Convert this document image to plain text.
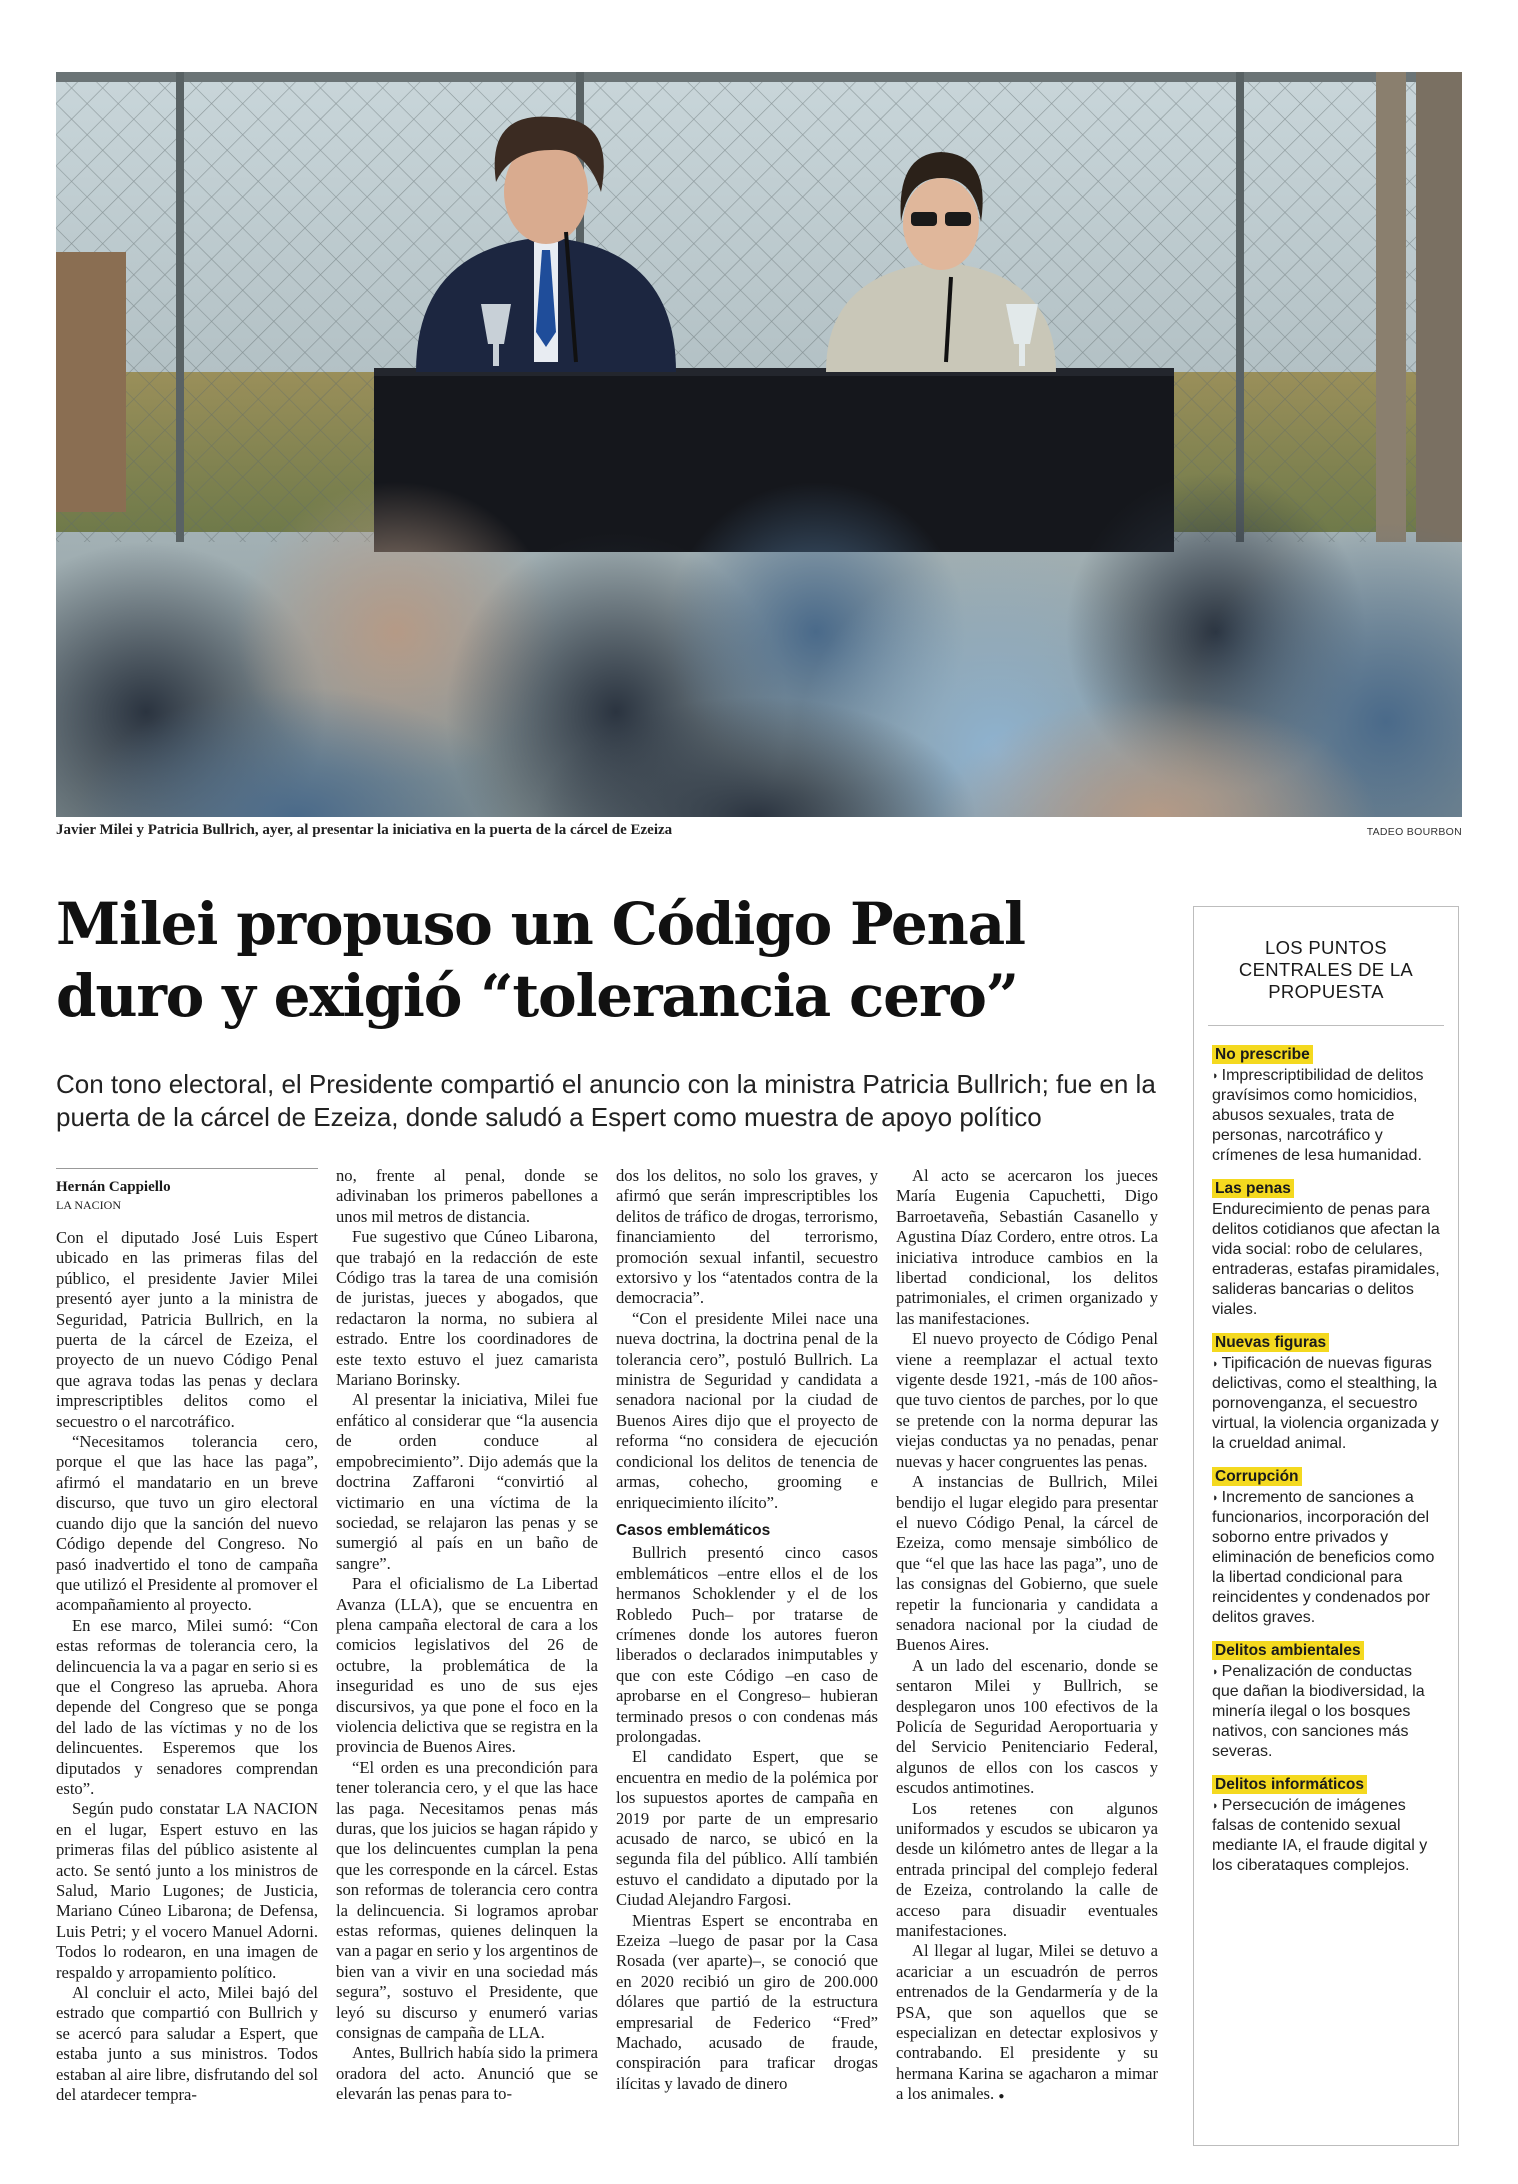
Javier Milei y Patricia Bullrich, ayer, al presentar la iniciativa en la puerta de la cárcel de Ezeiza	TADEO BOURBON
Milei propuso un Código Penal
duro y exigió “tolerancia cero”

Con tono electoral, el Presidente compartió el anuncio con la ministra Patricia Bullrich; fue en la puerta de la cárcel de Ezeiza, donde saludó a Espert como muestra de apoyo político

Hernán Cappiello
LA NACION

Con el diputado José Luis Espert ubicado en las primeras filas del público, el presidente Javier Milei presentó ayer junto a la ministra de Seguridad, Patricia Bullrich, en la puerta de la cárcel de Ezeiza, el proyecto de un nuevo Código Penal que agrava todas las penas y declara imprescriptibles delitos como el secuestro o el narcotráfico.

“Necesitamos tolerancia cero, porque el que las hace las paga”, afirmó el mandatario en un breve discurso, que tuvo un giro electoral cuando dijo que la sanción del nuevo Código depende del Congreso. No pasó inadvertido el tono de campaña que utilizó el Presidente al promover el acompañamiento al proyecto.

En ese marco, Milei sumó: “Con estas reformas de tolerancia cero, la delincuencia la va a pagar en serio si es que el Congreso las aprueba. Ahora depende del Congreso que se ponga del lado de las víctimas y no de los delincuentes. Esperemos que los diputados y senadores comprendan esto”.

Según pudo constatar LA NACION en el lugar, Espert estuvo en las primeras filas del público asistente al acto. Se sentó junto a los ministros de Salud, Mario Lugones; de Justicia, Mariano Cúneo Libarona; de Defensa, Luis Petri; y el vocero Manuel Adorni. Todos lo rodearon, en una imagen de respaldo y arropamiento político.

Al concluir el acto, Milei bajó del estrado que compartió con Bullrich y se acercó para saludar a Espert, que estaba junto a sus ministros. Todos estaban al aire libre, disfrutando del sol del atardecer tempra-

no, frente al penal, donde se adivinaban los primeros pabellones a unos mil metros de distancia.

Fue sugestivo que Cúneo Libarona, que trabajó en la redacción de este Código tras la tarea de una comisión de juristas, jueces y abogados, que redactaron la norma, no subiera al estrado. Entre los coordinadores de este texto estuvo el juez camarista Mariano Borinsky.

Al presentar la iniciativa, Milei fue enfático al considerar que “la ausencia de orden conduce al empobrecimiento”. Dijo además que la doctrina Zaffaroni “convirtió al victimario en una víctima de la sociedad, se relajaron las penas y se sumergió al país en un baño de sangre”.

Para el oficialismo de La Libertad Avanza (LLA), que se encuentra en plena campaña electoral de cara a los comicios legislativos del 26 de octubre, la problemática de la inseguridad es uno de sus ejes discursivos, ya que pone el foco en la violencia delictiva que se registra en la provincia de Buenos Aires.

“El orden es una precondición para tener tolerancia cero, y el que las hace las paga. Necesitamos penas más duras, que los juicios se hagan rápido y que los delincuentes cumplan la pena que les corresponde en la cárcel. Estas son reformas de tolerancia cero contra la delincuencia. Si logramos aprobar estas reformas, quienes delinquen la van a pagar en serio y los argentinos de bien van a vivir en una sociedad más segura”, sostuvo el Presidente, que leyó su discurso y enumeró varias consignas de campaña de LLA.

Antes, Bullrich había sido la primera oradora del acto. Anunció que se elevarán las penas para to-

dos los delitos, no solo los graves, y afirmó que serán imprescriptibles los delitos de tráfico de drogas, terrorismo, financiamiento del terrorismo, promoción sexual infantil, secuestro extorsivo y los “atentados contra de la democracia”.

“Con el presidente Milei nace una nueva doctrina, la doctrina penal de la tolerancia cero”, postuló Bullrich. La ministra de Seguridad y candidata a senadora nacional por la ciudad de Buenos Aires dijo que el proyecto de reforma “no considera de ejecución condicional los delitos de tenencia de armas, cohecho, grooming e enriquecimiento ilícito”.

Casos emblemáticos

Bullrich presentó cinco casos emblemáticos –entre ellos el de los hermanos Schoklender y el de los Robledo Puch– por tratarse de crímenes donde los autores fueron liberados o declarados inimputables y que con este Código –en caso de aprobarse en el Congreso– hubieran terminado presos o con condenas más prolongadas.

El candidato Espert, que se encuentra en medio de la polémica por los supuestos aportes de campaña en 2019 por parte de un empresario acusado de narco, se ubicó en la segunda fila del público. Allí también estuvo el candidato a diputado por la Ciudad Alejandro Fargosi.

Mientras Espert se encontraba en Ezeiza –luego de pasar por la Casa Rosada (ver aparte)–, se conoció que en 2020 recibió un giro de 200.000 dólares que partió de la estructura empresarial de Federico “Fred” Machado, acusado de fraude, conspiración para traficar drogas ilícitas y lavado de dinero

Al acto se acercaron los jueces María Eugenia Capuchetti, Digo Barroetaveña, Sebastián Casanello y Agustina Díaz Cordero, entre otros. La iniciativa introduce cambios en la libertad condicional, los delitos patrimoniales, el crimen organizado y las manifestaciones.

El nuevo proyecto de Código Penal viene a reemplazar el actual texto vigente desde 1921, -más de 100 años- que tuvo cientos de parches, por lo que se pretende con la norma depurar las viejas conductas ya no penadas, penar nuevas y hacer congruentes las penas.

A instancias de Bullrich, Milei bendijo el lugar elegido para presentar el nuevo Código Penal, la cárcel de Ezeiza, como mensaje simbólico de que “el que las hace las paga”, uno de las consignas del Gobierno, que suele repetir la funcionaria y candidata a senadora nacional por la ciudad de Buenos Aires.

A un lado del escenario, donde se sentaron Milei y Bullrich, se desplegaron unos 100 efectivos de la Policía de Seguridad Aeroportuaria y del Servicio Penitenciario Federal, algunos de ellos con los cascos y escudos antimotines.

Los retenes con algunos uniformados y escudos se ubicaron ya desde un kilómetro antes de llegar a la entrada principal del complejo federal de Ezeiza, controlando la calle de acceso para disuadir eventuales manifestaciones.

Al llegar al lugar, Milei se detuvo a acariciar a un escuadrón de perros entrenados de la Gendarmería y de la PSA, que son aquellos que se especializan en detectar explosivos y contrabando. El presidente y su hermana Karina se agacharon a mimar a los animales. ●

LOS PUNTOS CENTRALES DE LA PROPUESTA
No prescribe
◗ Imprescriptibilidad de delitos gravísimos como homicidios, abusos sexuales, trata de personas, narcotráfico y crímenes de lesa humanidad.
Las penas
Endurecimiento de penas para delitos cotidianos que afectan la vida social: robo de celulares, entraderas, estafas piramidales, salideras bancarias o delitos viales.
Nuevas figuras
◗ Tipificación de nuevas figuras delictivas, como el stealthing, la pornovenganza, el secuestro virtual, la violencia organizada y la crueldad animal.
Corrupción
◗ Incremento de sanciones a funcionarios, incorporación del soborno entre privados y eliminación de beneficios como la libertad condicional para reincidentes y condenados por delitos graves.
Delitos ambientales
◗ Penalización de conductas que dañan la biodiversidad, la minería ilegal o los bosques nativos, con sanciones más severas.
Delitos informáticos
◗ Persecución de imágenes falsas de contenido sexual mediante IA, el fraude digital y los ciberataques complejos.
